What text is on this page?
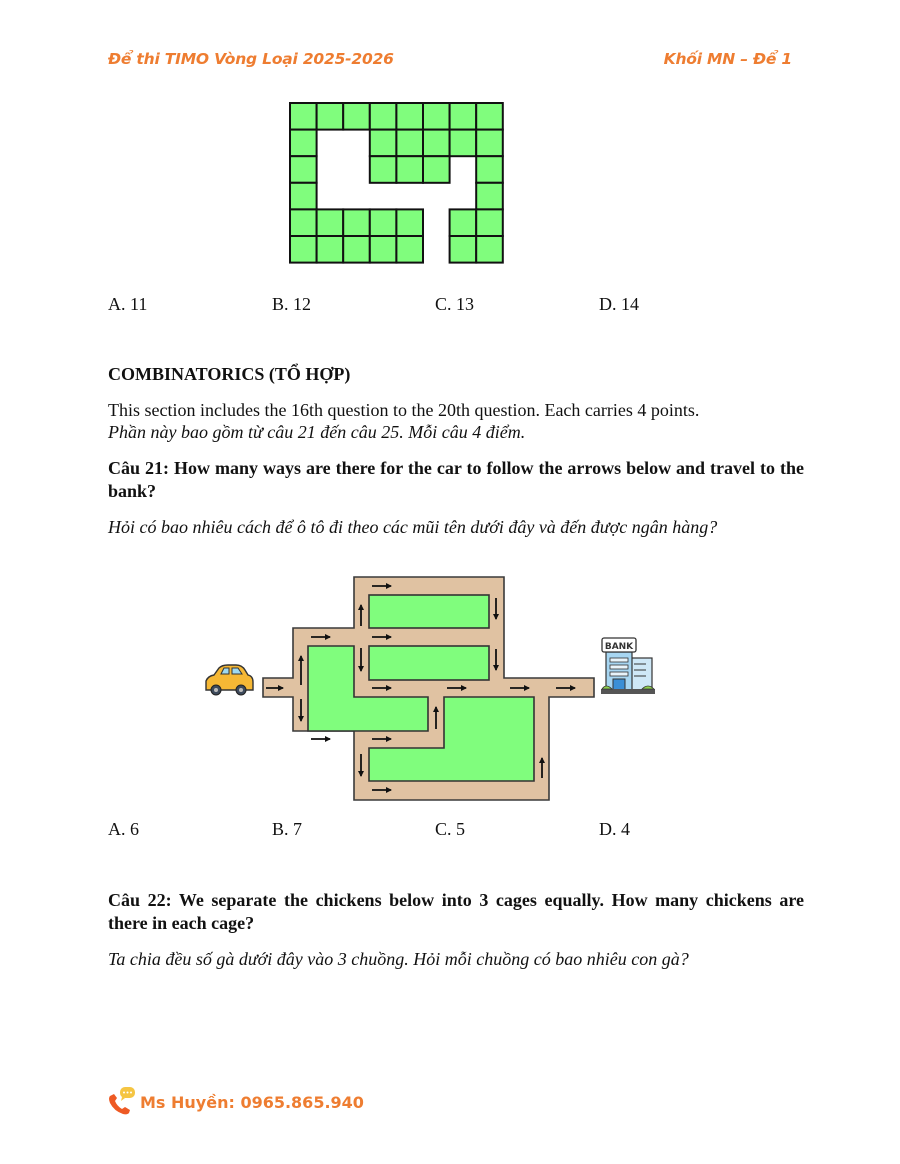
Để thi TIMO Vòng Loại 2025-2026	Khối MN – Để 1
A. 11	B. 12	C. 13	D. 14
COMBINATORICS (TỔ HỢP)
This section includes the 16th question to the 20th question. Each carries 4 points.
Phần này bao gồm từ câu 21 đến câu 25. Mỗi câu 4 điểm.
Câu 21: How many ways are there for the car to follow the arrows below and travel to the bank?
Hỏi có bao nhiêu cách để ô tô đi theo các mũi tên dưới đây và đến được ngân hàng?
BANK
A. 6	B. 7	C. 5	D. 4
Câu 22: We separate the chickens below into 3 cages equally. How many chickens are there in each cage?
Ta chia đều số gà dưới đây vào 3 chuồng. Hỏi mỗi chuồng có bao nhiêu con gà?
Ms Huyền: 0965.865.940
